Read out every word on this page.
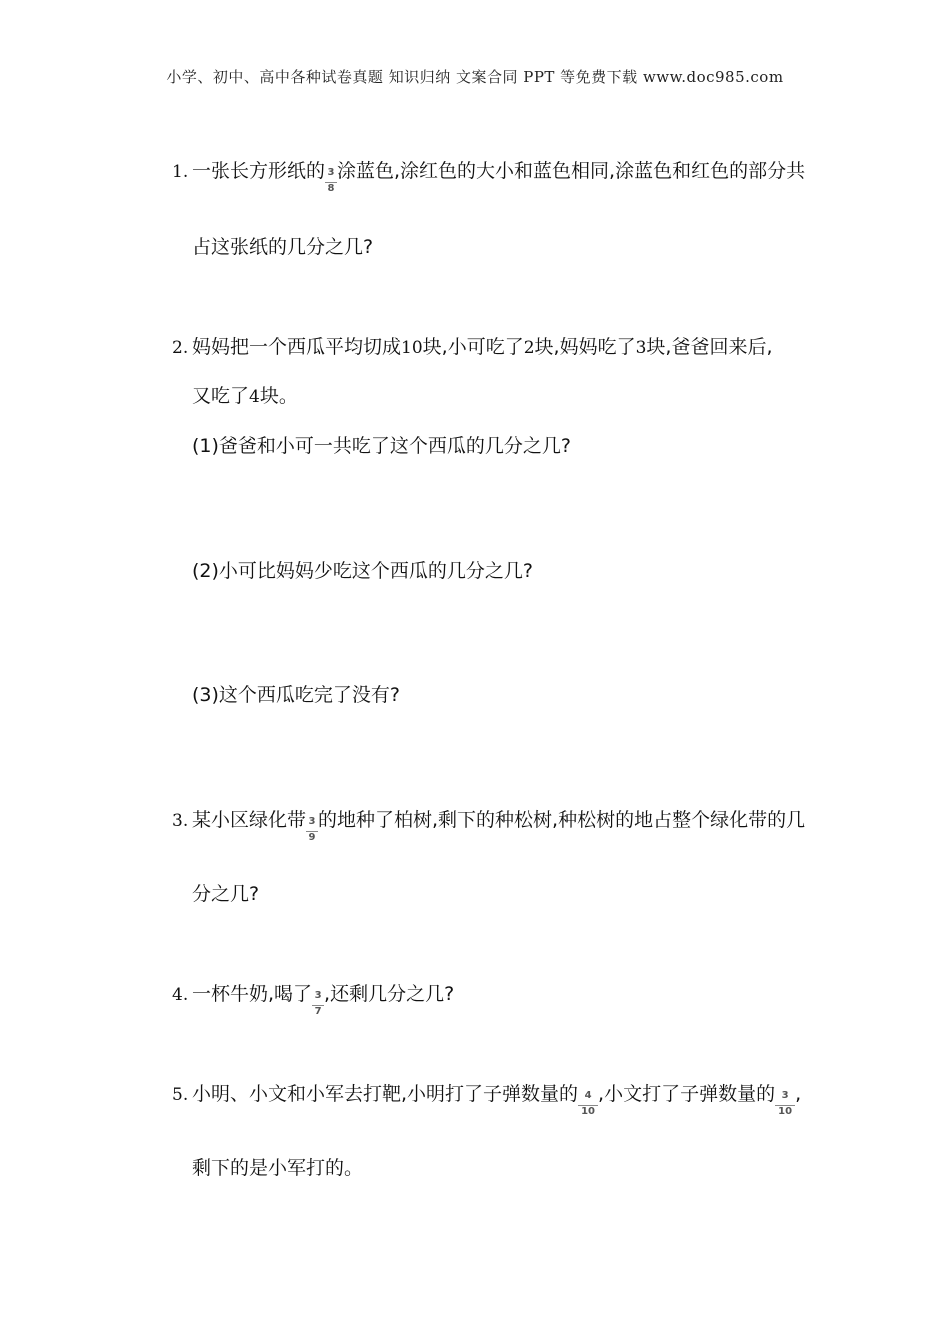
小学、初中、高中各种试卷真题 知识归纳 文案合同 PPT 等免费下载 www.doc985.com
1. 一张长方形纸的 $\frac{3}{8}$ 涂蓝色,涂红色的大小和蓝色相同,涂蓝色和红色的部分共
占这张纸的几分之几?
2. 妈妈把一个西瓜平均切成10块,小可吃了2块,妈妈吃了3块,爸爸回来后,
又吃了4块。
(1)爸爸和小可一共吃了这个西瓜的几分之几?
(2)小可比妈妈少吃这个西瓜的几分之几?
(3)这个西瓜吃完了没有?
3. 某小区绿化带 $\frac{3}{9}$ 的地种了柏树,剩下的种松树,种松树的地占整个绿化带的几
分之几?
4. 一杯牛奶,喝了 $\frac{3}{7}$ ,还剩几分之几?
5. 小明、小文和小军去打靶,小明打了子弹数量的 $\frac{4}{10}$ ,小文打了子弹数量的 $\frac{3}{10}$ ,
剩下的是小军打的。
